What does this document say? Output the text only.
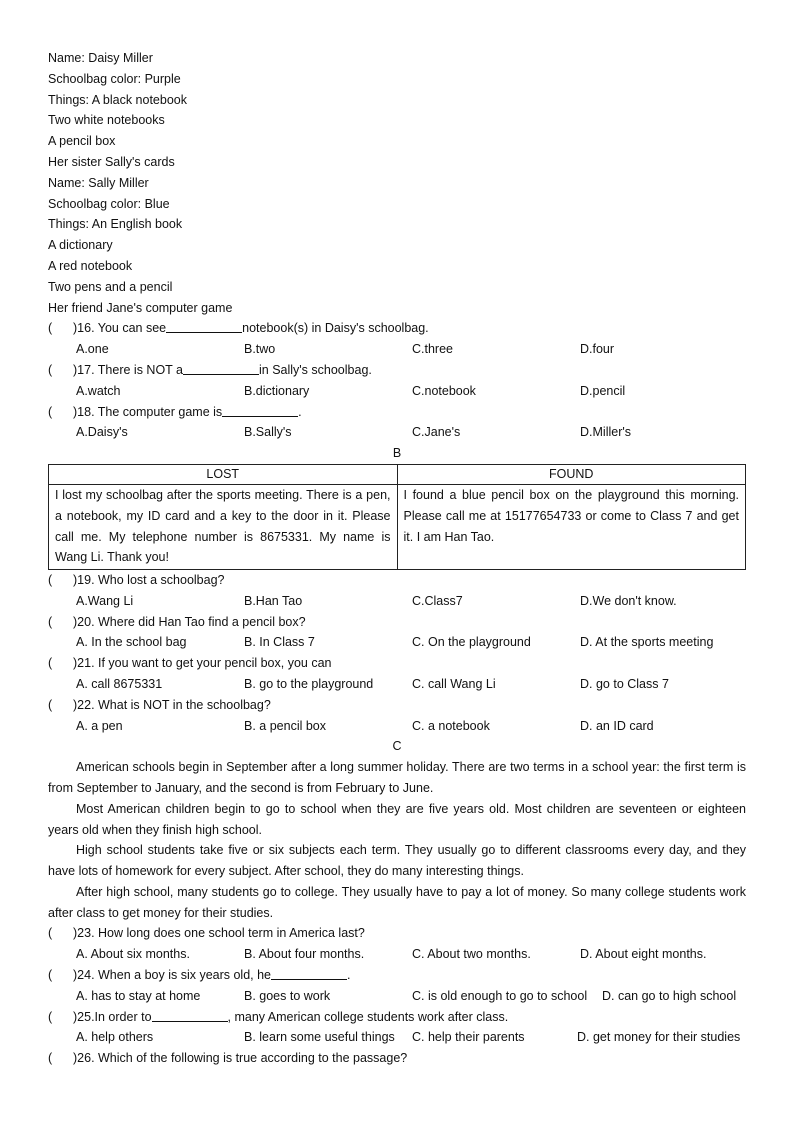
Name: Daisy Miller
Schoolbag color: Purple
Things: A black notebook
Two white notebooks
A pencil box
Her sister Sally's cards
Name: Sally Miller
Schoolbag color: Blue
Things: An English book
A dictionary
A red notebook
Two pens and a pencil
Her friend Jane's computer game
(	)16. You can see	notebook(s) in Daisy's schoolbag.
A.one	B.two	C.three	D.four
(	)17. There is NOT a	in Sally's schoolbag.
A.watch	B.dictionary	C.notebook	D.pencil
(	)18. The computer game is	.
A.Daisy's	B.Sally's	C.Jane's	D.Miller's
B
LOST	FOUND
I lost my schoolbag after the sports meeting. There is a pen, a notebook, my ID card and a key to the door in it. Please call me. My telephone number is 8675331. My name is Wang Li. Thank you!	I found a blue pencil box on the playground this morning. Please call me at 15177654733 or come to Class 7 and get it. I am Han Tao.
(	)19. Who lost a schoolbag?
A.Wang Li	B.Han Tao	C.Class7	D.We don't know.
(	)20. Where did Han Tao find a pencil box?
A. In the school bag	B. In Class 7	C. On the playground	D. At the sports meeting
(	)21. If you want to get your pencil box, you can
A. call 8675331	B. go to the playground	C. call Wang Li	D. go to Class 7
(	)22. What is NOT in the schoolbag?
A. a pen	B. a pencil box	C. a notebook	D. an ID card
C
American schools begin in September after a long summer holiday. There are two terms in a school year: the first term is from September to January, and the second is from February to June.
Most American children begin to go to school when they are five years old. Most children are seventeen or eighteen years old when they finish high school.
High school students take five or six subjects each term. They usually go to different classrooms every day, and they have lots of homework for every subject. After school, they do many interesting things.
After high school, many students go to college. They usually have to pay a lot of money. So many college students work after class to get money for their studies.
(	)23. How long does one school term in America last?
A. About six months.	B. About four months.	C. About two months.	D. About eight months.
(	)24. When a boy is six years old, he	.
A. has to stay at home	B. goes to work	C. is old enough to go to school	D. can go to high school
(	)25.In order to	, many American college students work after class.
A. help others	B. learn some useful things	C. help their parents	D. get money for their studies
(	)26. Which of the following is true according to the passage?
